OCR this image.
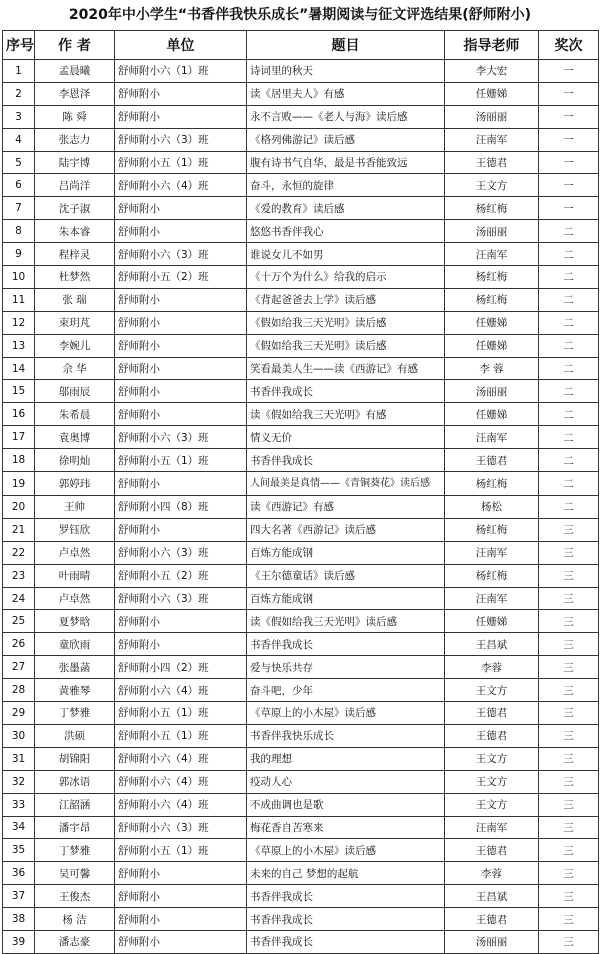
2020年中小学生“书香伴我快乐成长”暑期阅读与征文评选结果(舒师附小)
序号	作 者	单位	题目	指导老师	奖次
1	孟晨曦	舒师附小六（1）班	诗词里的秋天	李大宏	一
2	李恩泽	舒师附小	读《居里夫人》有感	任姗娣	一
3	陈 舜	舒师附小	永不言败——《老人与海》读后感	汤丽丽	一
4	张志力	舒师附小六（3）班	《格列佛游记》读后感	汪南军	一
5	陆宇博	舒师附小五（1）班	腹有诗书气自华，最是书香能致远	王德君	一
6	吕尚洋	舒师附小六（4）班	奋斗，永恒的旋律	王文方	一
7	沈子淑	舒师附小	《爱的教育》读后感	杨红梅	一
8	朱本睿	舒师附小	悠悠书香伴我心	汤丽丽	二
9	程梓灵	舒师附小六（3）班	谁说女儿不如男	汪南军	二
10	杜梦然	舒师附小五（2）班	《十万个为什么》给我的启示	杨红梅	二
11	张 瑞	舒师附小	《背起爸爸去上学》读后感	杨红梅	二
12	束玥芃	舒师附小	《假如给我三天光明》读后感	任姗娣	二
13	李婉儿	舒师附小	《假如给我三天光明》读后感	任姗娣	二
14	佘 华	舒师附小	笑看最美人生——读《西游记》有感	李 蓉	二
15	邬雨辰	舒师附小	书香伴我成长	汤丽丽	二
16	朱希晨	舒师附小	读《假如给我三天光明》有感	任姗娣	二
17	袁奥博	舒师附小六（3）班	情义无价	汪南军	二
18	徐明灿	舒师附小五（1）班	书香伴我成长	王德君	二
19	郭婷玮	舒师附小	人间最美是真情——《青铜葵花》读后感	杨红梅	二
20	王帅	舒师附小四（8）班	读《西游记》有感	杨松	二
21	罗钰欣	舒师附小	四大名著《西游记》读后感	杨红梅	三
22	卢卓然	舒师附小六（3）班	百炼方能成钢	汪南军	三
23	叶雨晴	舒师附小五（2）班	《王尔德童话》读后感	杨红梅	三
24	卢卓然	舒师附小六（3）班	百炼方能成钢	汪南军	三
25	夏梦晗	舒师附小	读《假如给我三天光明》读后感	任姗娣	三
26	童欣雨	舒师附小	书香伴我成长	王昌斌	三
27	张墨菡	舒师附小四（2）班	爱与快乐共存	李蓉	三
28	黄雅琴	舒师附小六（4）班	奋斗吧，少年	王文方	三
29	丁梦雅	舒师附小五（1）班	《草原上的小木屋》读后感	王德君	三
30	洪硕	舒师附小五（1）班	书香伴我快乐成长	王德君	三
31	胡锦阳	舒师附小六（4）班	我的理想	王文方	三
32	郭冰语	舒师附小六（4）班	疫动人心	王文方	三
33	江韶涵	舒师附小六（4）班	不成曲调也是歌	王文方	三
34	潘宇昂	舒师附小六（3）班	梅花香自苦寒来	汪南军	三
35	丁梦雅	舒师附小五（1）班	《草原上的小木屋》读后感	王德君	三
36	吴可馨	舒师附小	未来的自己 梦想的起航	李蓉	三
37	王俊杰	舒师附小	书香伴我成长	王昌斌	三
38	杨 洁	舒师附小	书香伴我成长	王德君	三
39	潘志豪	舒师附小	书香伴我成长	汤丽丽	三
